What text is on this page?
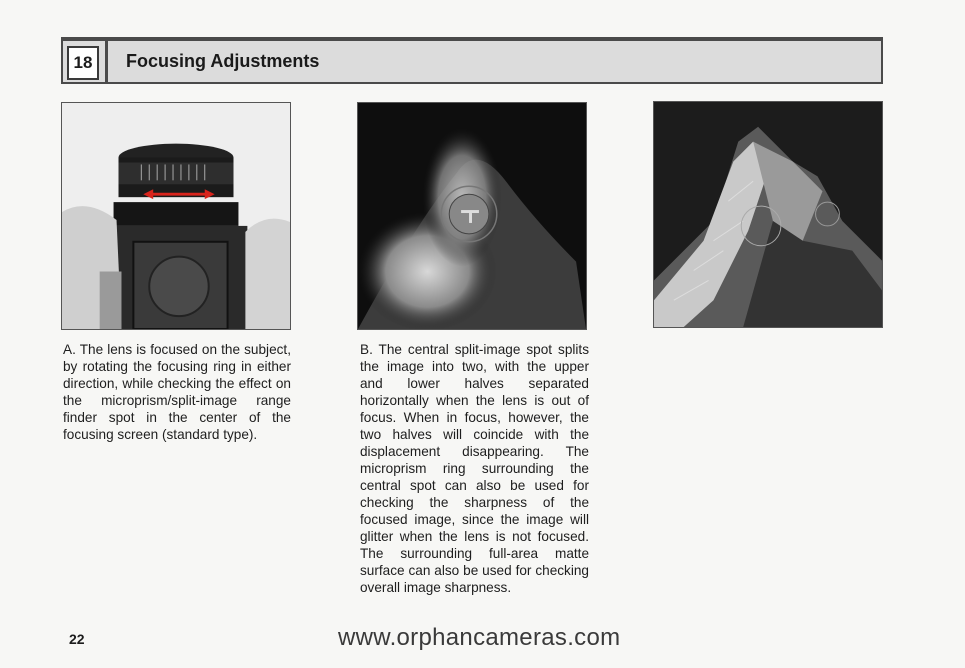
18	Focusing Adjustments

A. The lens is focused on the subject, by rotating the focusing ring in either direction, while checking the effect on the microprism/split-image range finder spot in the center of the focusing screen (standard type).

B. The central split-image spot splits the image into two, with the upper and lower halves separated horizontally when the lens is out of focus. When in focus, however, the two halves will coincide with the displacement disappearing. The microprism ring surrounding the central spot can also be used for checking the sharpness of the focused image, since the image will glitter when the lens is not focused. The surrounding full-area matte surface can also be used for checking overall image sharpness.

22	www.orphancameras.com
